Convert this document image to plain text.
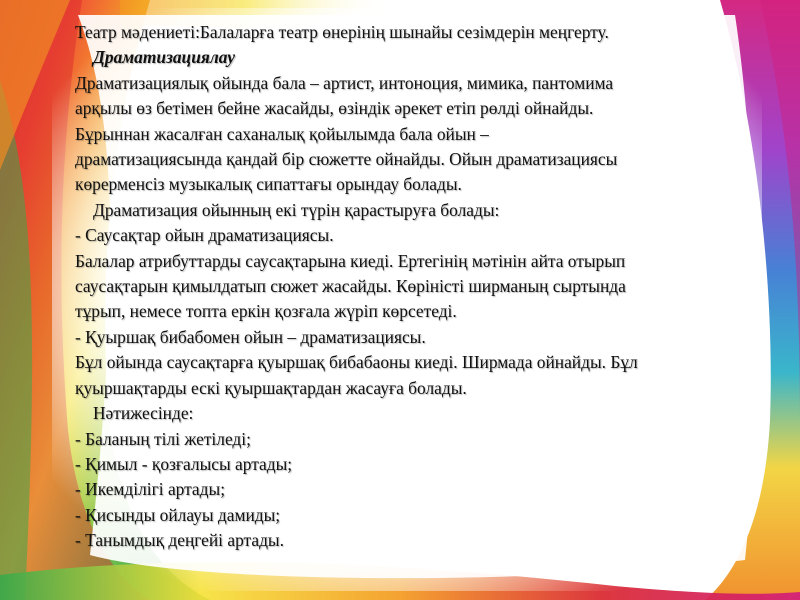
Театр мәдениеті:Балаларға театр өнерінің шынайы сезімдерін меңгерту.
Драматизациялау
Драматизациялық ойында бала – артист, интоноция, мимика, пантомима
арқылы өз бетімен бейне жасайды, өзіндік әрекет етіп рөлді ойнайды.
Бұрыннан жасалған саханалық қойылымда бала ойын –
драматизациясында қандай бір сюжетте ойнайды. Ойын драматизациясы
көрерменсіз музыкалық сипаттағы орындау болады.
Драматизация ойынның екі түрін қарастыруға болады:
- Саусақтар ойын драматизациясы.
Балалар атрибуттарды саусақтарына киеді. Ертегінің мәтінін айта отырып
саусақтарын қимылдатып сюжет жасайды. Көріністі ширманың сыртында
тұрып, немесе топта еркін қозғала жүріп көрсетеді.
- Қуыршақ бибабомен ойын – драматизациясы.
Бұл ойында саусақтарға қуыршақ бибабаоны киеді. Ширмада ойнайды. Бұл
қуыршақтарды ескі қуыршақтардан жасауға болады.
Нәтижесінде:
- Баланың тілі жетіледі;
- Қимыл - қозғалысы артады;
- Икемділігі артады;
- Қисынды ойлауы дамиды;
- Танымдық деңгейі артады.
